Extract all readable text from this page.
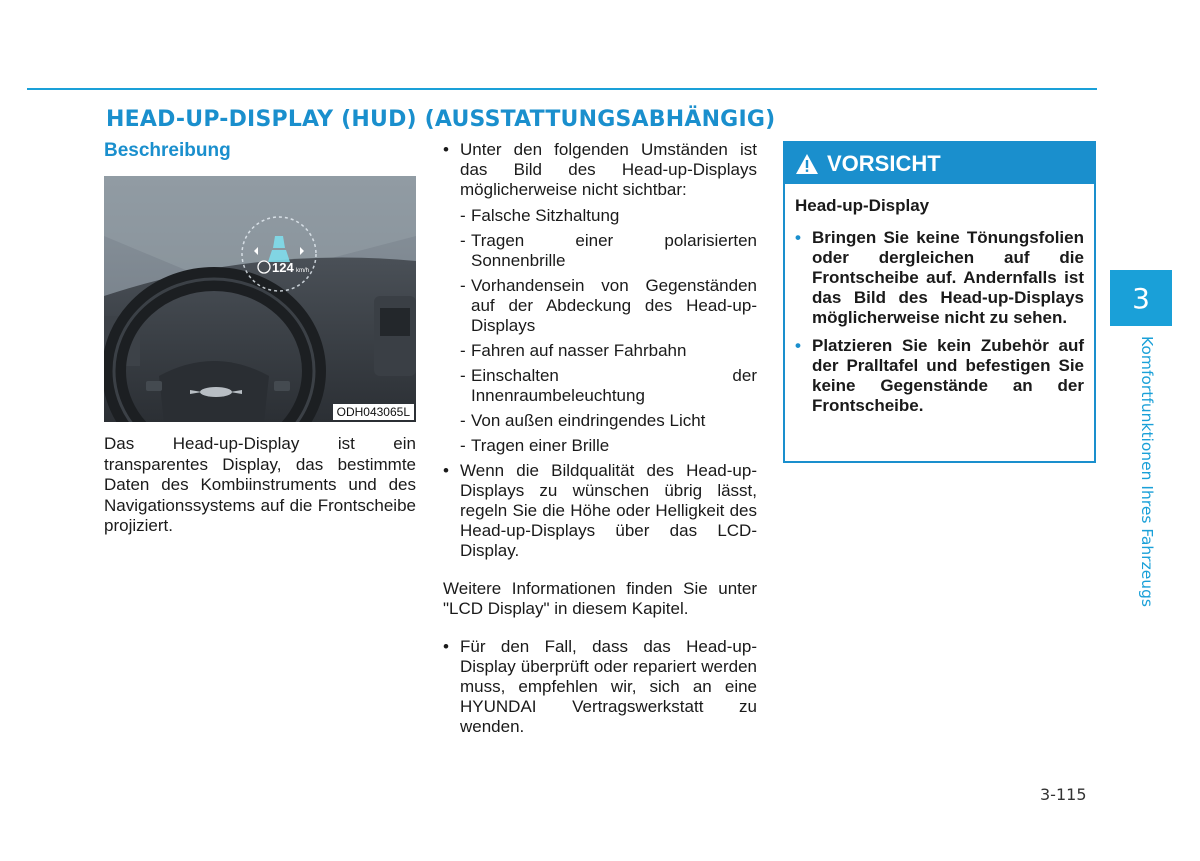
HEAD-UP-DISPLAY (HUD) (AUSSTATTUNGSABHÄNGIG)
Beschreibung
124 km/h
ODH043065L

Das Head-up-Display ist ein transparentes Display, das bestimmte Daten des Kombiinstruments und des Navigationssystems auf die Frontscheibe projiziert.

• Unter den folgenden Umständen ist das Bild des Head-up-Displays möglicherweise nicht sichtbar:
- Falsche Sitzhaltung
- Tragen einer polarisierten Sonnenbrille
- Vorhandensein von Gegenständen auf der Abdeckung des Head-up-Displays
- Fahren auf nasser Fahrbahn
- Einschalten der Innenraumbeleuchtung
- Von außen eindringendes Licht
- Tragen einer Brille
• Wenn die Bildqualität des Head-up-Displays zu wünschen übrig lässt, regeln Sie die Höhe oder Helligkeit des Head-up-Displays über das LCD-Display.

Weitere Informationen finden Sie unter "LCD Display" in diesem Kapitel.

• Für den Fall, dass das Head-up-Display überprüft oder repariert werden muss, empfehlen wir, sich an eine HYUNDAI Vertragswerkstatt zu wenden.
VORSICHT
Head-up-Display
• Bringen Sie keine Tönungsfolien oder dergleichen auf die Frontscheibe auf. Andernfalls ist das Bild des Head-up-Displays möglicherweise nicht zu sehen.
• Platzieren Sie kein Zubehör auf der Pralltafel und befestigen Sie keine Gegenstände an der Frontscheibe.
3
Komfortfunktionen Ihres Fahrzeugs
3-115
